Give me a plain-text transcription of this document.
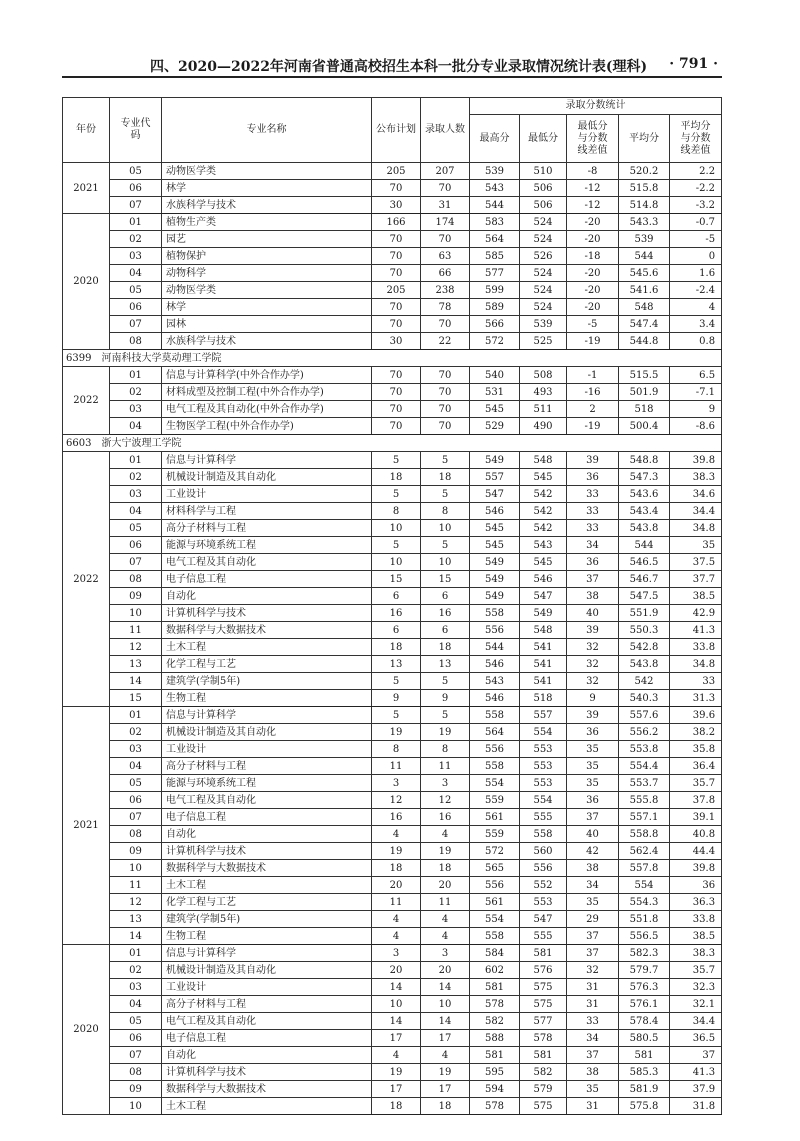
四、2020—2022年河南省普通高校招生本科一批分专业录取情况统计表(理科) · 791 ·
年份	专业代码	专业名称	公布计划	录取人数	录取分数统计				
					最高分	最低分	最低分与分数线差值	平均分	平均分与分数线差值
2021	05	动物医学类	205	207	539	510	-8	520.2	2.2
	06	林学	70	70	543	506	-12	515.8	-2.2
	07	水族科学与技术	30	31	544	506	-12	514.8	-3.2
2020	01	植物生产类	166	174	583	524	-20	543.3	-0.7
	02	园艺	70	70	564	524	-20	539	-5
	03	植物保护	70	63	585	526	-18	544	0
	04	动物科学	70	66	577	524	-20	545.6	1.6
	05	动物医学类	205	238	599	524	-20	541.6	-2.4
	06	林学	70	78	589	524	-20	548	4
	07	园林	70	70	566	539	-5	547.4	3.4
	08	水族科学与技术	30	22	572	525	-19	544.8	0.8
6399　河南科技大学莫动理工学院									
2022	01	信息与计算科学(中外合作办学)	70	70	540	508	-1	515.5	6.5
	02	材料成型及控制工程(中外合作办学)	70	70	531	493	-16	501.9	-7.1
	03	电气工程及其自动化(中外合作办学)	70	70	545	511	2	518	9
	04	生物医学工程(中外合作办学)	70	70	529	490	-19	500.4	-8.6
6603　浙大宁波理工学院									
2022	01	信息与计算科学	5	5	549	548	39	548.8	39.8
	02	机械设计制造及其自动化	18	18	557	545	36	547.3	38.3
	03	工业设计	5	5	547	542	33	543.6	34.6
	04	材料科学与工程	8	8	546	542	33	543.4	34.4
	05	高分子材料与工程	10	10	545	542	33	543.8	34.8
	06	能源与环境系统工程	5	5	545	543	34	544	35
	07	电气工程及其自动化	10	10	549	545	36	546.5	37.5
	08	电子信息工程	15	15	549	546	37	546.7	37.7
	09	自动化	6	6	549	547	38	547.5	38.5
	10	计算机科学与技术	16	16	558	549	40	551.9	42.9
	11	数据科学与大数据技术	6	6	556	548	39	550.3	41.3
	12	土木工程	18	18	544	541	32	542.8	33.8
	13	化学工程与工艺	13	13	546	541	32	543.8	34.8
	14	建筑学(学制5年)	5	5	543	541	32	542	33
	15	生物工程	9	9	546	518	9	540.3	31.3
2021	01	信息与计算科学	5	5	558	557	39	557.6	39.6
	02	机械设计制造及其自动化	19	19	564	554	36	556.2	38.2
	03	工业设计	8	8	556	553	35	553.8	35.8
	04	高分子材料与工程	11	11	558	553	35	554.4	36.4
	05	能源与环境系统工程	3	3	554	553	35	553.7	35.7
	06	电气工程及其自动化	12	12	559	554	36	555.8	37.8
	07	电子信息工程	16	16	561	555	37	557.1	39.1
	08	自动化	4	4	559	558	40	558.8	40.8
	09	计算机科学与技术	19	19	572	560	42	562.4	44.4
	10	数据科学与大数据技术	18	18	565	556	38	557.8	39.8
	11	土木工程	20	20	556	552	34	554	36
	12	化学工程与工艺	11	11	561	553	35	554.3	36.3
	13	建筑学(学制5年)	4	4	554	547	29	551.8	33.8
	14	生物工程	4	4	558	555	37	556.5	38.5
2020	01	信息与计算科学	3	3	584	581	37	582.3	38.3
	02	机械设计制造及其自动化	20	20	602	576	32	579.7	35.7
	03	工业设计	14	14	581	575	31	576.3	32.3
	04	高分子材料与工程	10	10	578	575	31	576.1	32.1
	05	电气工程及其自动化	14	14	582	577	33	578.4	34.4
	06	电子信息工程	17	17	588	578	34	580.5	36.5
	07	自动化	4	4	581	581	37	581	37
	08	计算机科学与技术	19	19	595	582	38	585.3	41.3
	09	数据科学与大数据技术	17	17	594	579	35	581.9	37.9
	10	土木工程	18	18	578	575	31	575.8	31.8
